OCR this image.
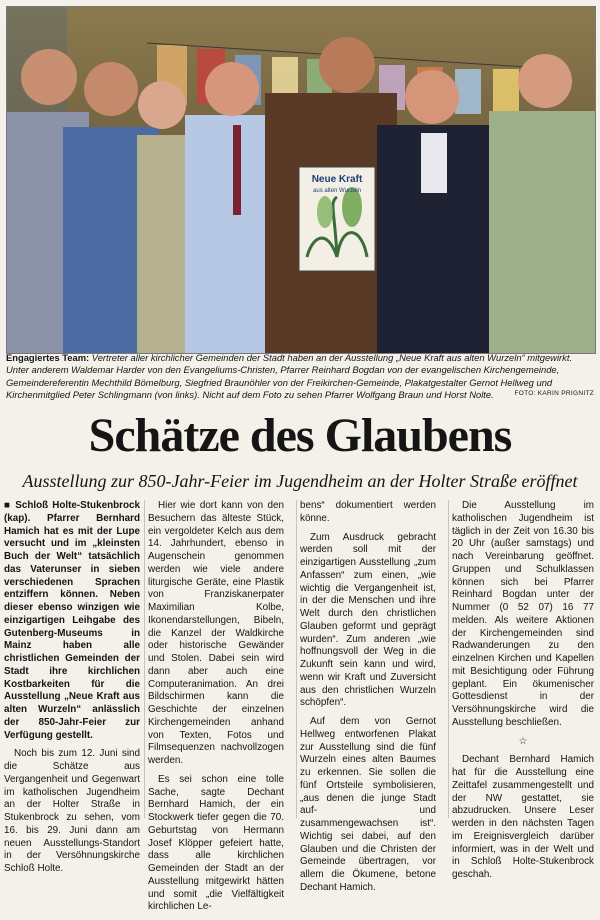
Neue Kraft
aus alten Wurzeln
Engagiertes Team: Vertreter aller kirchlicher Gemeinden der Stadt haben an der Ausstellung „Neue Kraft aus alten Wurzeln“ mitgewirkt. Unter anderem Waldemar Harder von den Evangeliums-Christen, Pfarrer Reinhard Bogdan von der evangelischen Kirchengemeinde, Gemeindereferentin Mechthild Bömelburg, Siegfried Braunöhler von der Freikirchen-Gemeinde, Plakatgestalter Gernot Hellweg und Kirchenmitglied Peter Schlingmann (von links). Nicht auf dem Foto zu sehen Pfarrer Wolfgang Braun und Horst Nolte.	FOTO: KARIN PRIGNITZ
Schätze des Glaubens
Ausstellung zur 850-Jahr-Feier im Jugendheim an der Holter Straße eröffnet

■ Schloß Holte-Stukenbrock (kap). Pfarrer Bernhard Hamich hat es mit der Lupe versucht und im „kleinsten Buch der Welt“ tatsächlich das Vaterunser in sieben verschiedenen Sprachen entziffern können. Neben dieser ebenso winzigen wie einzigartigen Leihgabe des Gutenberg-Museums in Mainz haben alle christlichen Gemeinden der Stadt ihre kirchlichen Kostbarkeiten für die Ausstellung „Neue Kraft aus alten Wurzeln“ anlässlich der 850-Jahr-Feier zur Verfügung gestellt.

Noch bis zum 12. Juni sind die Schätze aus Vergangenheit und Gegenwart im katholischen Jugendheim an der Holter Straße in Stukenbrock zu sehen, vom 16. bis 29. Juni dann am neuen Ausstellungs-Standort in der Versöhnungskirche Schloß Holte.

Hier wie dort kann von den Besuchern das älteste Stück, ein vergoldeter Kelch aus dem 14. Jahrhundert, ebenso in Augenschein genommen werden wie viele andere liturgische Geräte, eine Plastik von Franziskanerpater Maximilian Kolbe, Ikonendarstellungen, Bibeln, die Kanzel der Waldkirche oder historische Gewänder und Stolen. Dabei sein wird dann aber auch eine Computeranimation. An drei Bildschirmen kann die Geschichte der einzelnen Kirchengemeinden anhand von Texten, Fotos und Filmsequenzen nachvollzogen werden.

Es sei schon eine tolle Sache, sagte Dechant Bernhard Hamich, der ein Stockwerk tiefer gegen die 70. Geburtstag von Hermann Josef Klöpper gefeiert hatte, dass alle kirchlichen Gemeinden der Stadt an der Ausstellung mitgewirkt hätten und somit „die Vielfältigkeit kirchlichen Le-

bens“ dokumentiert werden könne.

Zum Ausdruck gebracht werden soll mit der einzigartigen Ausstellung „zum Anfassen“ zum einen, „wie wichtig die Vergangenheit ist, in der die Menschen und ihre Welt durch den christlichen Glauben geformt und geprägt wurden“. Zum anderen „wie hoffnungsvoll der Weg in die Zukunft sein kann und wird, wenn wir Kraft und Zuversicht aus den christlichen Wurzeln schöpfen“.

Auf dem von Gernot Hellweg entworfenen Plakat zur Ausstellung sind die fünf Wurzeln eines alten Baumes zu erkennen. Sie sollen die fünf Ortsteile symbolisieren, „aus denen die junge Stadt auf- und zusammengewachsen ist“. Wichtig sei dabei, auf den Glauben und die Christen der Gemeinde übertragen, vor allem die Ökumene, betone Dechant Hamich.

Die Ausstellung im katholischen Jugendheim ist täglich in der Zeit von 16.30 bis 20 Uhr (außer samstags) und nach Vereinbarung geöffnet. Gruppen und Schulklassen können sich bei Pfarrer Reinhard Bogdan unter der Nummer (0 52 07) 16 77 melden. Als weitere Aktionen der Kirchengemeinden sind Radwanderungen zu den einzelnen Kirchen und Kapellen mit Besichtigung oder Führung geplant. Ein ökumenischer Gottesdienst in der Versöhnungskirche wird die Ausstellung beschließen.

☆

Dechant Bernhard Hamich hat für die Ausstellung eine Zeittafel zusammengestellt und der NW gestattet, sie abzudrucken. Unsere Leser werden in den nächsten Tagen im Ereignisvergleich darüber informiert, was in der Welt und in Schloß Holte-Stukenbrock geschah.
